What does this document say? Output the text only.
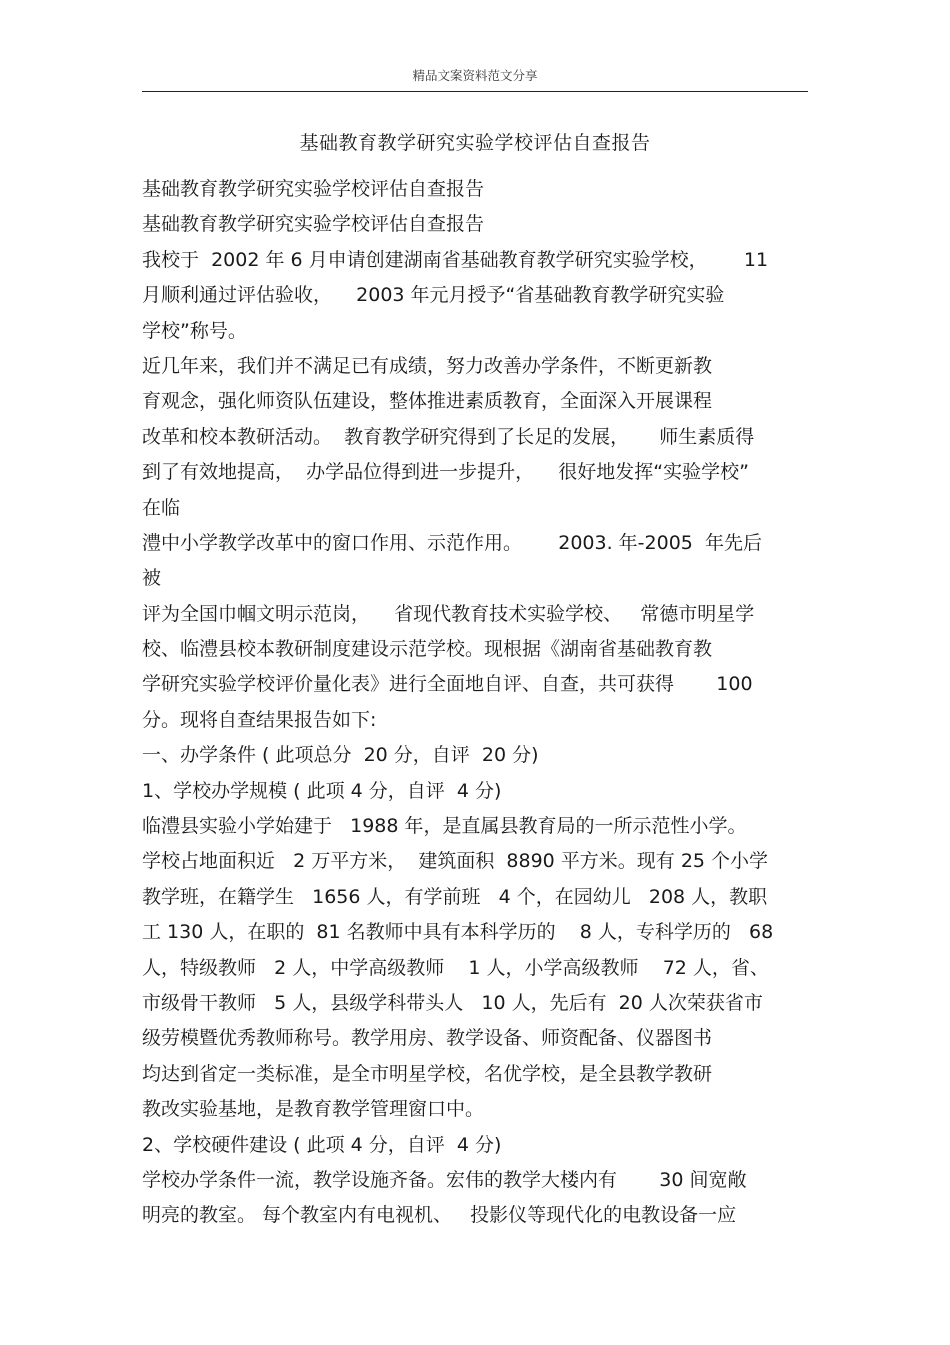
精品文案资料范文分享
基础教育教学研究实验学校评估自查报告
基础教育教学研究实验学校评估自查报告
基础教育教学研究实验学校评估自查报告
我校于  2002 年 6 月申请创建湖南省基础教育教学研究实验学校，      11
月顺利通过评估验收，    2003 年元月授予“省基础教育教学研究实验
学校”称号。
近几年来，我们并不满足已有成绩，努力改善办学条件，不断更新教
育观念，强化师资队伍建设，整体推进素质教育，全面深入开展课程
改革和校本教研活动。  教育教学研究得到了长足的发展，     师生素质得
到了有效地提高，  办学品位得到进一步提升，    很好地发挥“实验学校”
在临
澧中小学教学改革中的窗口作用、示范作用。      2003. 年-2005  年先后
被
评为全国巾帼文明示范岗，    省现代教育技术实验学校、   常德市明星学
校、临澧县校本教研制度建设示范学校。现根据《湖南省基础教育教
学研究实验学校评价量化表》进行全面地自评、自查，共可获得       100
分。现将自查结果报告如下:
一、办学条件 ( 此项总分  20 分，自评  20 分)
1、学校办学规模 ( 此项 4 分，自评  4 分)
临澧县实验小学始建于   1988 年，是直属县教育局的一所示范性小学。
学校占地面积近   2 万平方米，  建筑面积  8890 平方米。现有 25 个小学
教学班，在籍学生   1656 人，有学前班   4 个，在园幼儿   208 人，教职
工 130 人，在职的  81 名教师中具有本科学历的    8 人，专科学历的   68
人，特级教师   2 人，中学高级教师    1 人，小学高级教师    72 人，省、
市级骨干教师   5 人，县级学科带头人   10 人，先后有  20 人次荣获省市
级劳模暨优秀教师称号。教学用房、教学设备、师资配备、仪器图书
均达到省定一类标准，是全市明星学校，名优学校，是全县教学教研
教改实验基地，是教育教学管理窗口中。
2、学校硬件建设 ( 此项 4 分，自评  4 分)
学校办学条件一流，教学设施齐备。宏伟的教学大楼内有       30 间宽敞
明亮的教室。 每个教室内有电视机、   投影仪等现代化的电教设备一应
